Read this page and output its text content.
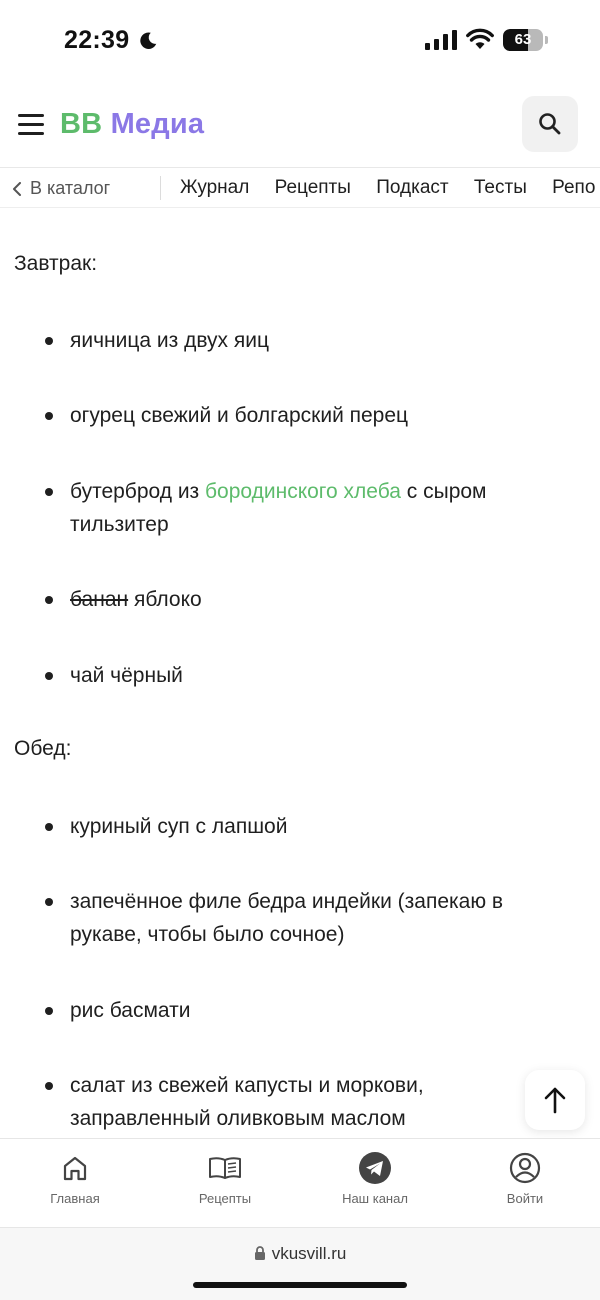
22:39	63
ВВ Медиа
В каталог	Журнал Рецепты Подкаст Тесты Репо
Завтрак:
яичница из двух яиц
огурец свежий и болгарский перец
бутерброд из бородинского хлеба с сыром тильзитер
банан яблоко
чай чёрный
Обед:
куриный суп с лапшой
запечённое филе бедра индейки (запекаю в рукаве, чтобы было сочное)
рис басмати
салат из свежей капусты и моркови, заправленный оливковым маслом
Главная	Рецепты	Наш канал	Войти
vkusvill.ru
